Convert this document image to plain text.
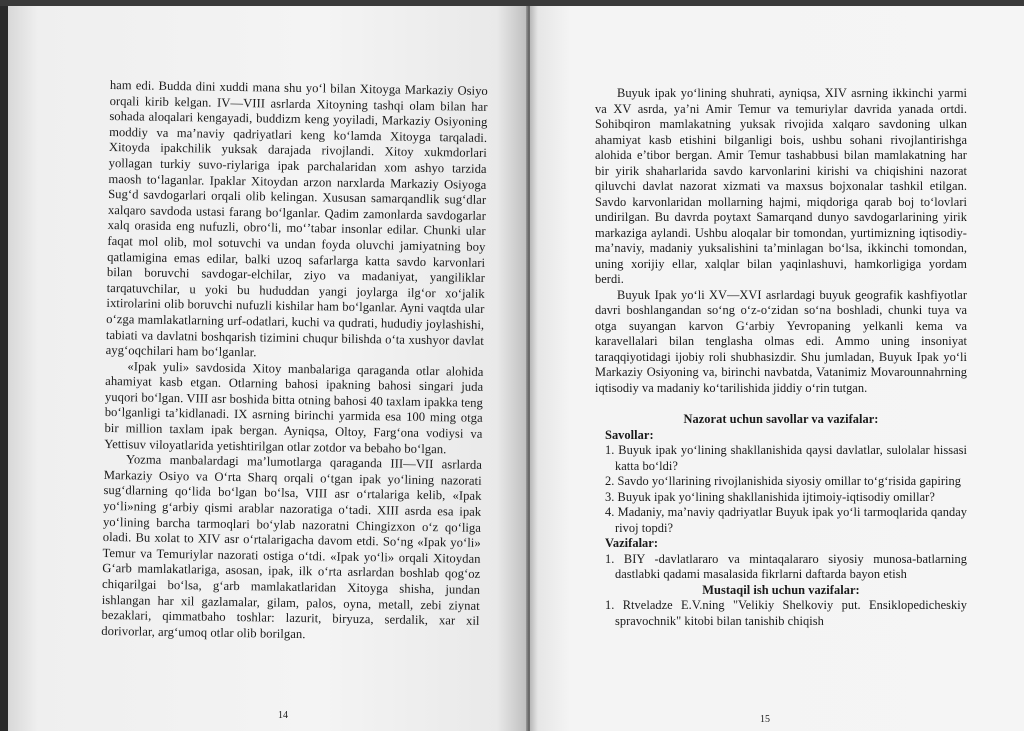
ham edi. Budda dini xuddi mana shu yo‘l bilan Xitoyga Markaziy Osiyo orqali kirib kelgan. IV—VIII asrlarda Xitoyning tashqi olam bilan har sohada aloqalari kengayadi, buddizm keng yoyiladi, Markaziy Osiyoning moddiy va ma’naviy qadriyatlari keng ko‘lamda Xitoyga tarqaladi. Xitoyda ipakchilik yuksak darajada rivojlandi. Xitoy xukmdorlari yollagan turkiy suvo-riylariga ipak parchalaridan xom ashyo tarzida maosh to‘laganlar. Ipaklar Xitoydan arzon narxlarda Markaziy Osiyoga Sug‘d savdogarlari orqali olib kelingan. Xususan samarqandlik sug‘dlar xalqaro savdoda ustasi farang bo‘lganlar. Qadim zamonlarda savdogarlar xalq orasida eng nufuzli, obro‘li, mo‘’tabar insonlar edilar. Chunki ular faqat mol olib, mol sotuvchi va undan foyda oluvchi jamiyatning boy qatlamigina emas edilar, balki uzoq safarlarga katta savdo karvonlari bilan boruvchi savdogar-elchilar, ziyo va madaniyat, yangiliklar tarqatuvchilar, u yoki bu hududdan yangi joylarga ilg‘or xo‘jalik ixtirolarini olib boruvchi nufuzli kishilar ham bo‘lganlar. Ayni vaqtda ular o‘zga mamlakatlarning urf-odatlari, kuchi va qudrati, hududiy joylashishi, tabiati va davlatni boshqarish tizimini chuqur bilishda o‘ta xushyor davlat ayg‘oqchilari ham bo‘lganlar.

«Ipak yuli» savdosida Xitoy manbalariga qaraganda otlar alohida ahamiyat kasb etgan. Otlarning bahosi ipakning bahosi singari juda yuqori bo‘lgan. VIII asr boshida bitta otning bahosi 40 taxlam ipakka teng bo‘lganligi ta’kidlanadi. IX asrning birinchi yarmida esa 100 ming otga bir million taxlam ipak bergan. Ayniqsa, Oltoy, Farg‘ona vodiysi va Yettisuv viloyatlarida yetishtirilgan otlar zotdor va bebaho bo‘lgan.

Yozma manbalardagi ma’lumotlarga qaraganda III—VII asrlarda Markaziy Osiyo va O‘rta Sharq orqali o‘tgan ipak yo‘lining nazorati sug‘dlarning qo‘lida bo‘lgan bo‘lsa, VIII asr o‘rtalariga kelib, «Ipak yo‘li»ning g‘arbiy qismi arablar nazoratiga o‘tadi. XIII asrda esa ipak yo‘lining barcha tarmoqlari bo‘ylab nazoratni Chingizxon o‘z qo‘liga oladi. Bu xolat to XIV asr o‘rtalarigacha davom etdi. So‘ng «Ipak yo‘li» Temur va Temuriylar nazorati ostiga o‘tdi. «Ipak yo‘li» orqali Xitoydan G‘arb mamlakatlariga, asosan, ipak, ilk o‘rta asrlardan boshlab qog‘oz chiqarilgai bo‘lsa, g‘arb mamlakatlaridan Xitoyga shisha, jundan ishlangan har xil gazlamalar, gilam, palos, oyna, metall, zebi ziynat bezaklari, qimmatbaho toshlar: lazurit, biryuza, serdalik, xar xil dorivorlar, arg‘umoq otlar olib borilgan.

14

Buyuk ipak yo‘lining shuhrati, ayniqsa, XIV asrning ikkinchi yarmi va XV asrda, ya’ni Amir Temur va temuriylar davrida yanada ortdi. Sohibqiron mamlakatning yuksak rivojida xalqaro savdoning ulkan ahamiyat kasb etishini bilganligi bois, ushbu sohani rivojlantirishga alohida e’tibor bergan. Amir Temur tashabbusi bilan mamlakatning har bir yirik shaharlarida savdo karvonlarini kirishi va chiqishini nazorat qiluvchi davlat nazorat xizmati va maxsus bojxonalar tashkil etilgan. Savdo karvonlaridan mollarning hajmi, miqdoriga qarab boj to‘lovlari undirilgan. Bu davrda poytaxt Samarqand dunyo savdogarlarining yirik markaziga aylandi. Ushbu aloqalar bir tomondan, yurtimizning iqtisodiy-ma’naviy, madaniy yuksalishini ta’minlagan bo‘lsa, ikkinchi tomondan, uning xorijiy ellar, xalqlar bilan yaqinlashuvi, hamkorligiga yordam berdi.

Buyuk Ipak yo‘li XV—XVI asrlardagi buyuk geografik kashfiyotlar davri boshlangandan so‘ng o‘z-o‘zidan so‘na boshladi, chunki tuya va otga suyangan karvon G‘arbiy Yevropaning yelkanli kema va karavellalari bilan tenglasha olmas edi. Ammo uning insoniyat taraqqiyotidagi ijobiy roli shubhasizdir. Shu jumladan, Buyuk Ipak yo‘li Markaziy Osiyoning va, birinchi navbatda, Vatanimiz Movarounnahrning iqtisodiy va madaniy ko‘tarilishida jiddiy o‘rin tutgan.

Nazorat uchun savollar va vazifalar:
Savollar:
1. Buyuk ipak yo‘lining shakllanishida qaysi davlatlar, sulolalar hissasi katta bo‘ldi?
2. Savdo yo‘llarining rivojlanishida siyosiy omillar to‘g‘risida gapiring
3. Buyuk ipak yo‘lining shakllanishida ijtimoiy-iqtisodiy omillar?
4. Madaniy, ma’naviy qadriyatlar Buyuk ipak yo‘li tarmoqlarida qanday rivoj topdi?
Vazifalar:
1. BIY -davlatlararo va mintaqalararo siyosiy munosa-batlarning dastlabki qadami masalasida fikrlarni daftarda bayon etish
Mustaqil ish uchun vazifalar:
1. Rtveladze E.V.ning "Velikiy Shelkoviy put. Ensiklopedicheskiy spravochnik" kitobi bilan tanishib chiqish
15
